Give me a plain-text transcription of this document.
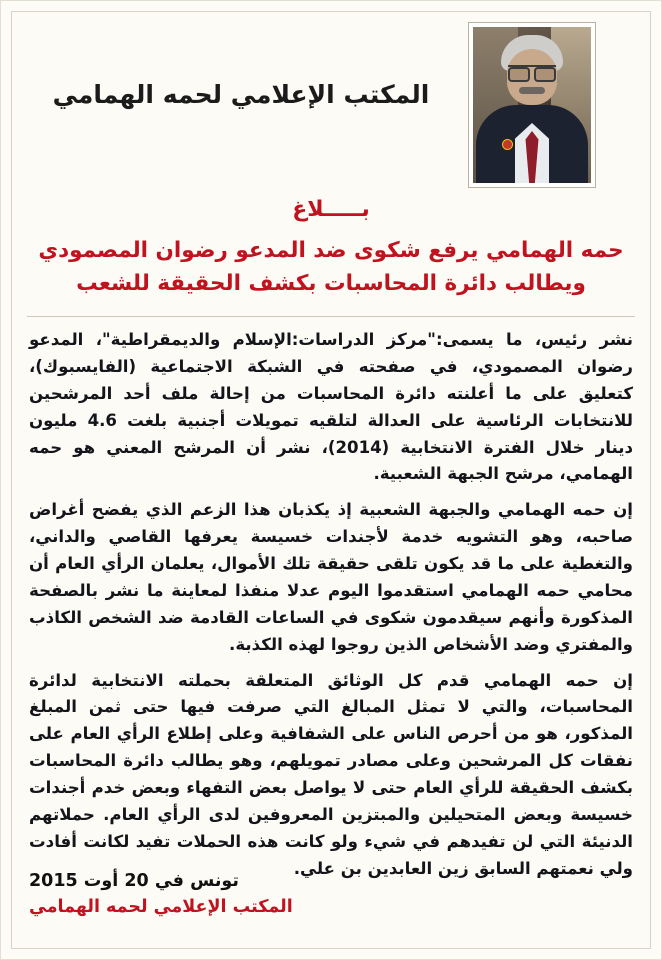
المكتب الإعلامي لحمه الهمامي
بـــــلاغ
حمه الهمامي يرفع شكوى ضد المدعو رضوان المصمودي
ويطالب دائرة المحاسبات بكشف الحقيقة للشعب

نشر رئيس، ما يسمى:"مركز الدراسات:الإسلام والديمقراطية"، المدعو رضوان المصمودي، في صفحته في الشبكة الاجتماعية (الفايسبوك)، كتعليق على ما أعلنته دائرة المحاسبات من إحالة ملف أحد المرشحين للانتخابات الرئاسية على العدالة لتلقيه تمويلات أجنبية بلغت 4.6 مليون دينار خلال الفترة الانتخابية (2014)، نشر أن المرشح المعني هو حمه الهمامي، مرشح الجبهة الشعبية.

إن حمه الهمامي والجبهة الشعبية إذ يكذبان هذا الزعم الذي يفضح أغراض صاحبه، وهو التشويه خدمة لأجندات خسيسة يعرفها القاصي والداني، والتغطية على ما قد يكون تلقى حقيقة تلك الأموال، يعلمان الرأي العام أن محامي حمه الهمامي استقدموا اليوم عدلا منفذا لمعاينة ما نشر بالصفحة المذكورة وأنهم سيقدمون شكوى في الساعات القادمة ضد الشخص الكاذب والمفتري وضد الأشخاص الذين روجوا لهذه الكذبة.

إن حمه الهمامي قدم كل الوثائق المتعلقة بحملته الانتخابية لدائرة المحاسبات، والتي لا تمثل المبالغ التي صرفت فيها حتى ثمن المبلغ المذكور، هو من أحرص الناس على الشفافية وعلى إطلاع الرأي العام على نفقات كل المرشحين وعلى مصادر تمويلهم، وهو يطالب دائرة المحاسبات بكشف الحقيقة للرأي العام حتى لا يواصل بعض التفهاء وبعض خدم أجندات خسيسة وبعض المتحيلين والمبتزين المعروفين لدى الرأي العام. حملاتهم الدنيئة التي لن تفيدهم في شيء ولو كانت هذه الحملات تفيد لكانت أفادت ولي نعمتهم السابق زين العابدين بن علي.

تونس في 20 أوت 2015
المكتب الإعلامي لحمه الهمامي
